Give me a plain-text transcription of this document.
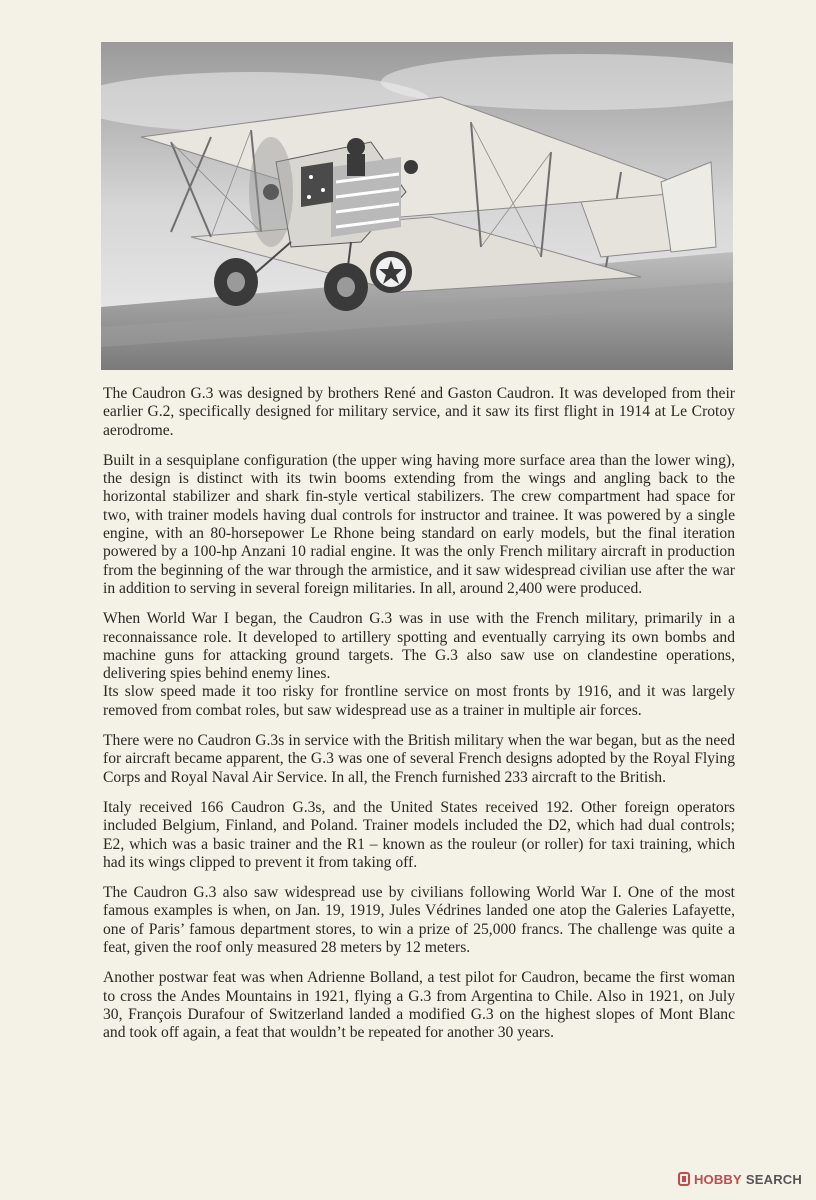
The Caudron G.3 was designed by brothers René and Gaston Caudron. It was developed from their earlier G.2, specifically designed for military service, and it saw its first flight in 1914 at Le Crotoy aerodrome.

Built in a sesquiplane configuration (the upper wing having more surface area than the lower wing), the design is distinct with its twin booms extending from the wings and angling back to the horizontal stabilizer and shark fin-style vertical stabilizers. The crew compartment had space for two, with trainer models having dual controls for instructor and trainee. It was powered by a single engine, with an 80-horsepower Le Rhone being standard on early models, but the final iteration powered by a 100-hp Anzani 10 radial engine. It was the only French military aircraft in production from the beginning of the war through the armistice, and it saw widespread civilian use after the war in addition to serving in several foreign militaries. In all, around 2,400 were produced.

When World War I began, the Caudron G.3 was in use with the French military, primarily in a reconnaissance role. It developed to artillery spotting and eventually carrying its own bombs and machine guns for attacking ground targets. The G.3 also saw use on clandestine operations, delivering spies behind enemy lines.

Its slow speed made it too risky for frontline service on most fronts by 1916, and it was largely removed from combat roles, but saw widespread use as a trainer in multiple air forces.

There were no Caudron G.3s in service with the British military when the war began, but as the need for aircraft became apparent, the G.3 was one of several French designs adopted by the Royal Flying Corps and Royal Naval Air Service. In all, the French furnished 233 aircraft to the British.

Italy received 166 Caudron G.3s, and the United States received 192. Other foreign operators included Belgium, Finland, and Poland. Trainer models included the D2, which had dual controls; E2, which was a basic trainer and the R1 – known as the rouleur (or roller) for taxi training, which had its wings clipped to prevent it from taking off.

The Caudron G.3 also saw widespread use by civilians following World War I. One of the most famous examples is when, on Jan. 19, 1919, Jules Védrines landed one atop the Galeries Lafayette, one of Paris’ famous department stores, to win a prize of 25,000 francs. The challenge was quite a feat, given the roof only measured 28 meters by 12 meters.

Another postwar feat was when Adrienne Bolland, a test pilot for Caudron, became the first woman to cross the Andes Mountains in 1921, flying a G.3 from Argentina to Chile. Also in 1921, on July 30, François Durafour of Switzerland landed a modified G.3 on the highest slopes of Mont Blanc and took off again, a feat that wouldn’t be repeated for another 30 years.

HOBBY SEARCH
